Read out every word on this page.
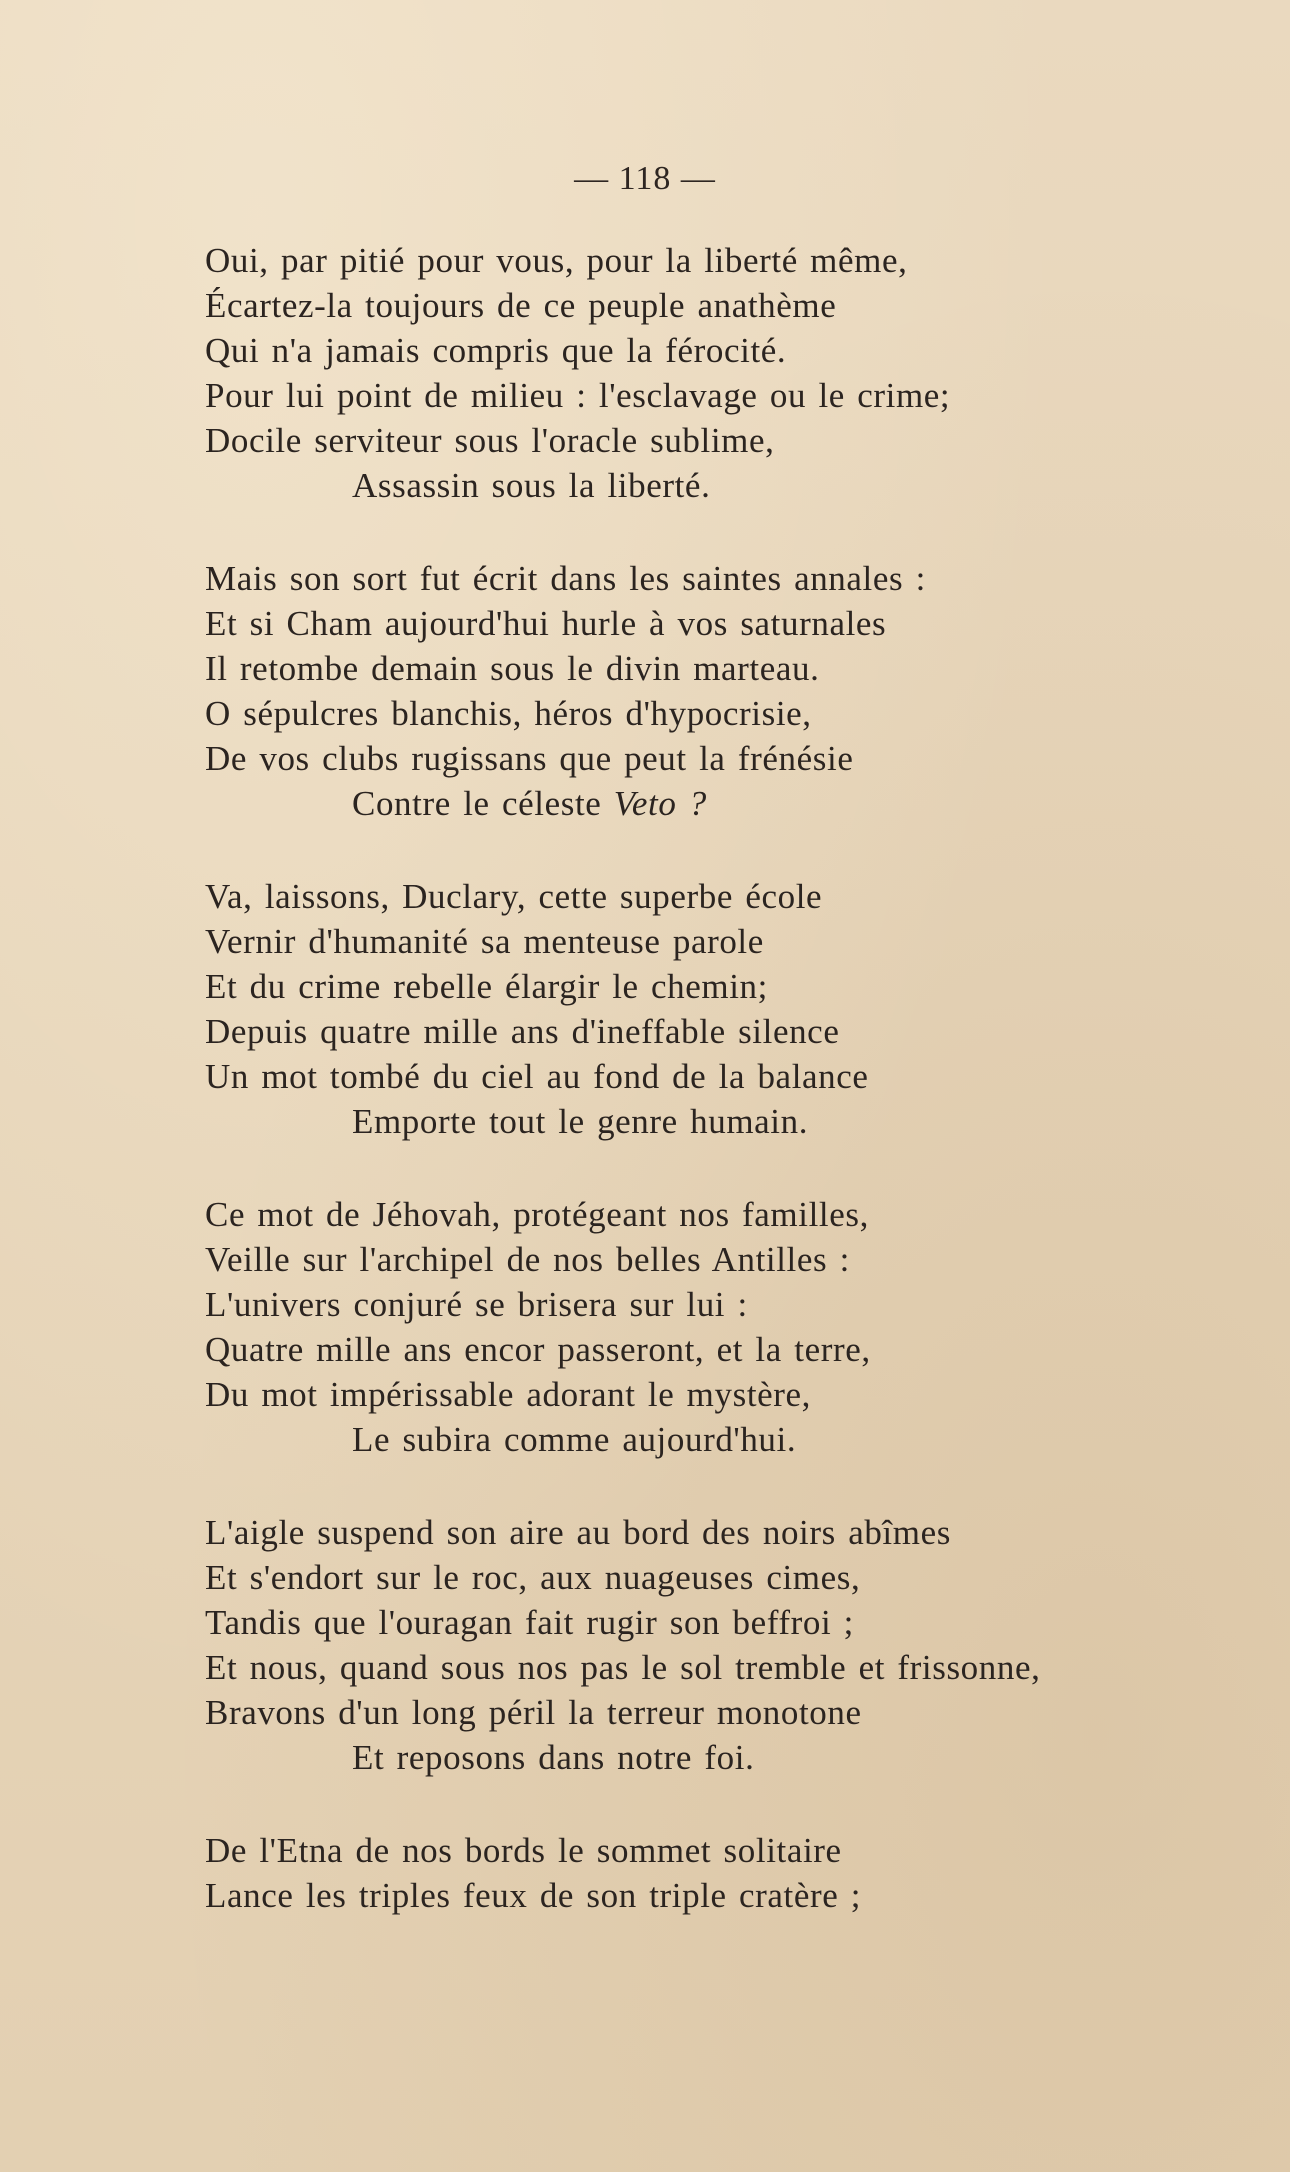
— 118 —
Oui, par pitié pour vous, pour la liberté même,
Écartez-la toujours de ce peuple anathème
Qui n'a jamais compris que la férocité.
Pour lui point de milieu : l'esclavage ou le crime;
Docile serviteur sous l'oracle sublime,
Assassin sous la liberté.
Mais son sort fut écrit dans les saintes annales :
Et si Cham aujourd'hui hurle à vos saturnales
Il retombe demain sous le divin marteau.
O sépulcres blanchis, héros d'hypocrisie,
De vos clubs rugissans que peut la frénésie
Contre le céleste Veto ?
Va, laissons, Duclary, cette superbe école
Vernir d'humanité sa menteuse parole
Et du crime rebelle élargir le chemin;
Depuis quatre mille ans d'ineffable silence
Un mot tombé du ciel au fond de la balance
Emporte tout le genre humain.
Ce mot de Jéhovah, protégeant nos familles,
Veille sur l'archipel de nos belles Antilles :
L'univers conjuré se brisera sur lui :
Quatre mille ans encor passeront, et la terre,
Du mot impérissable adorant le mystère,
Le subira comme aujourd'hui.
L'aigle suspend son aire au bord des noirs abîmes
Et s'endort sur le roc, aux nuageuses cimes,
Tandis que l'ouragan fait rugir son beffroi ;
Et nous, quand sous nos pas le sol tremble et frissonne,
Bravons d'un long péril la terreur monotone
Et reposons dans notre foi.
De l'Etna de nos bords le sommet solitaire
Lance les triples feux de son triple cratère ;
